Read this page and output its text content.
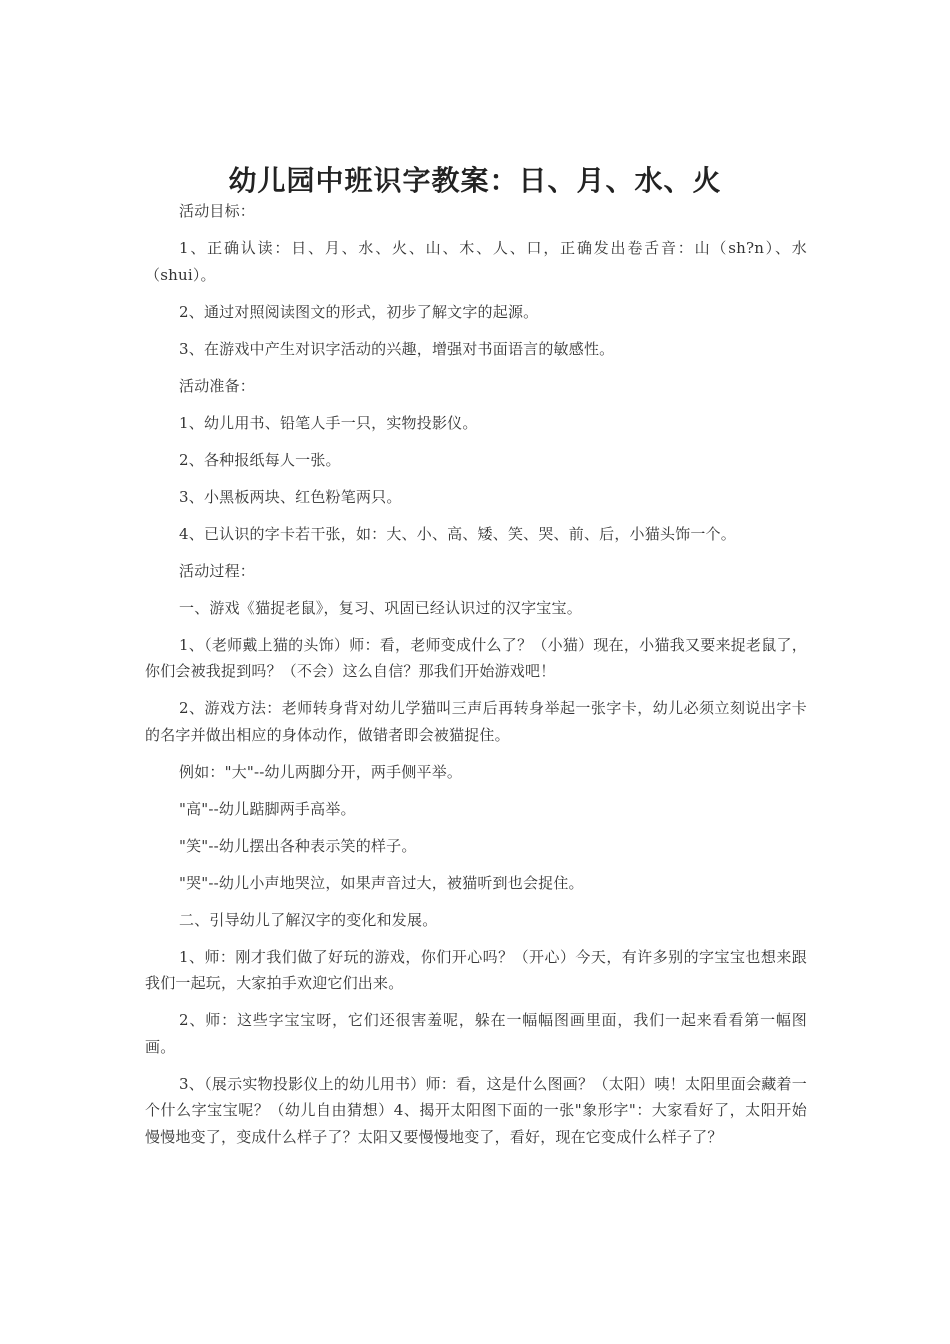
幼儿园中班识字教案：日、月、水、火

活动目标：

1、正确认读：日、月、水、火、山、木、人、口，正确发出卷舌音：山（sh?n）、水（shui）。

2、通过对照阅读图文的形式，初步了解文字的起源。

3、在游戏中产生对识字活动的兴趣，增强对书面语言的敏感性。

活动准备：

1、幼儿用书、铅笔人手一只，实物投影仪。

2、各种报纸每人一张。

3、小黑板两块、红色粉笔两只。

4、已认识的字卡若干张，如：大、小、高、矮、笑、哭、前、后，小猫头饰一个。

活动过程：

一、游戏《猫捉老鼠》，复习、巩固已经认识过的汉字宝宝。

1、（老师戴上猫的头饰）师：看，老师变成什么了？（小猫）现在，小猫我又要来捉老鼠了，你们会被我捉到吗？（不会）这么自信？那我们开始游戏吧！

2、游戏方法：老师转身背对幼儿学猫叫三声后再转身举起一张字卡，幼儿必须立刻说出字卡的名字并做出相应的身体动作，做错者即会被猫捉住。

例如："大"--幼儿两脚分开，两手侧平举。

"高"--幼儿踮脚两手高举。

"笑"--幼儿摆出各种表示笑的样子。

"哭"--幼儿小声地哭泣，如果声音过大，被猫听到也会捉住。

二、引导幼儿了解汉字的变化和发展。

1、师：刚才我们做了好玩的游戏，你们开心吗？（开心）今天，有许多别的字宝宝也想来跟我们一起玩，大家拍手欢迎它们出来。

2、师：这些字宝宝呀，它们还很害羞呢，躲在一幅幅图画里面，我们一起来看看第一幅图画。

3、（展示实物投影仪上的幼儿用书）师：看，这是什么图画？（太阳）咦！太阳里面会藏着一个什么字宝宝呢？（幼儿自由猜想）4、揭开太阳图下面的一张"象形字"：大家看好了，太阳开始慢慢地变了，变成什么样子了？太阳又要慢慢地变了，看好，现在它变成什么样子了？
